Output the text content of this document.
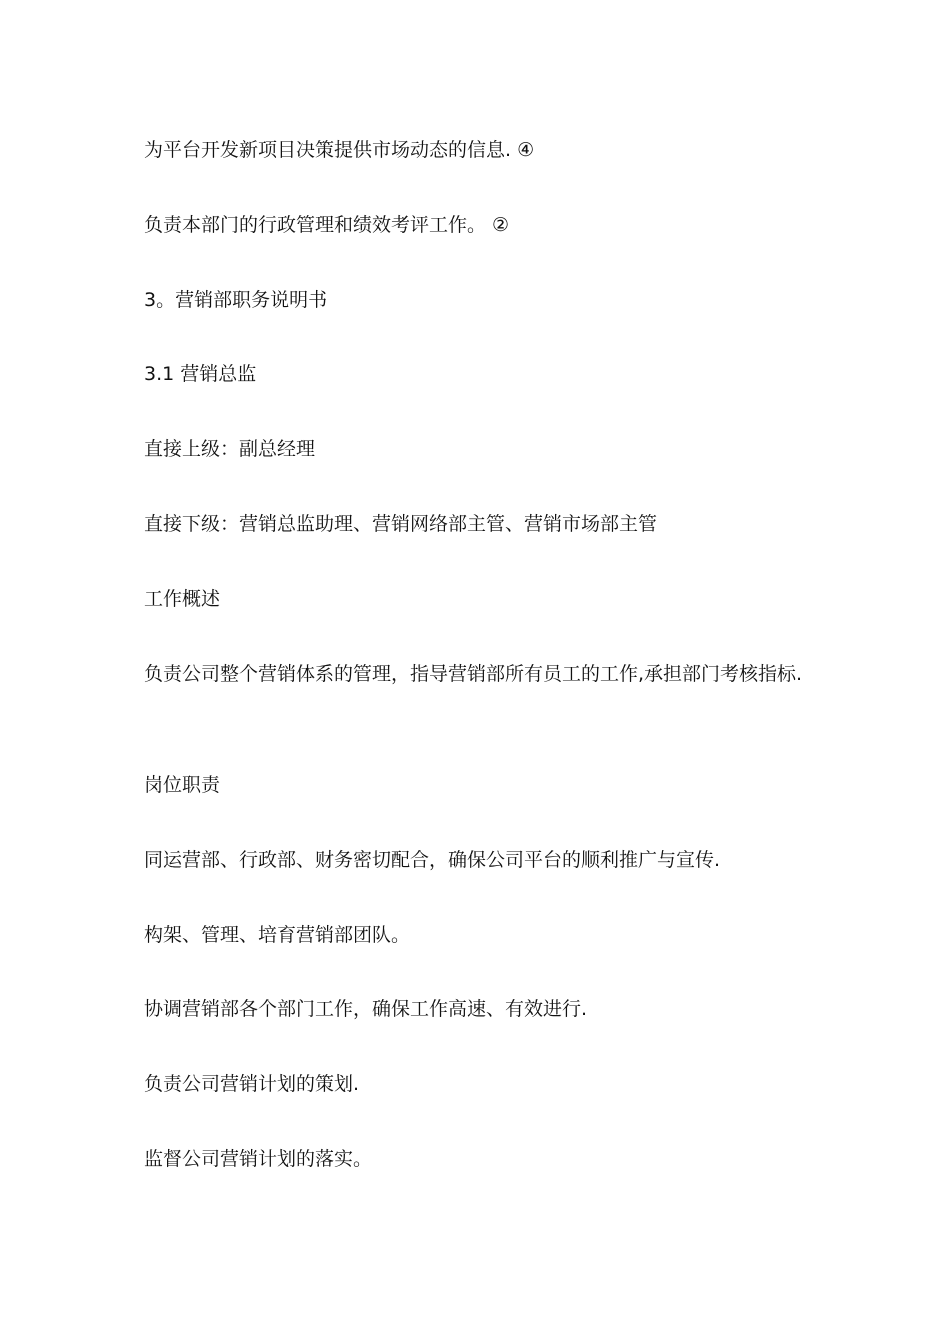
为平台开发新项目决策提供市场动态的信息. ④
负责本部门的行政管理和绩效考评工作。 ②
3。营销部职务说明书
3.1 营销总监
直接上级：副总经理
直接下级：营销总监助理、营销网络部主管、营销市场部主管
工作概述
负责公司整个营销体系的管理，指导营销部所有员工的工作,承担部门考核指标.
岗位职责
同运营部、行政部、财务密切配合，确保公司平台的顺利推广与宣传.
构架、管理、培育营销部团队。
协调营销部各个部门工作，确保工作高速、有效进行.
负责公司营销计划的策划.
监督公司营销计划的落实。
